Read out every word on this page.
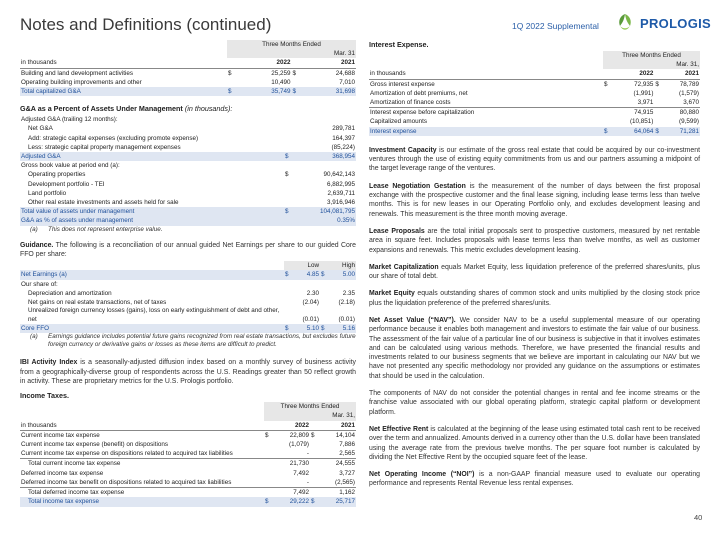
Notes and Definitions (continued)	1Q 2022 Supplemental	PROLOGIS
	Three Months Ended			
	Mar. 31			
in thousands		2022		2021
Building and land development activities	$	25,259	$	24,688
Operating building improvements and other		10,490		7,010
Total capitalized G&A	$	35,749	$	31,698
G&A as a Percent of Assets Under Management (in thousands):
Adjusted G&A (trailing 12 months):		
Net G&A		289,781
Add: strategic capital expenses (excluding promote expense)		164,397
Less: strategic capital property management expenses		(85,224)
Adjusted G&A	$	368,954
Gross book value at period end (a):		
Operating properties	$	90,642,143
Development portfolio - TEI		6,882,995
Land portfolio		2,639,711
Other real estate investments and assets held for sale		3,916,946
Total value of assets under management	$	104,081,795
G&A as % of assets under management		0.35%
(a) This does not represent enterprise value.
Guidance. The following is a reconciliation of our annual guided Net Earnings per share to our guided Core FFO per share:
		Low		High
Net Earnings (a)	$	4.85	$	5.00
Our share of:				
Depreciation and amortization		2.30		2.35
Net gains on real estate transactions, net of taxes		(2.04)		(2.18)
Unrealized foreign currency losses (gains), loss on early extinguishment of debt and other, net		(0.01)		(0.01)
Core FFO	$	5.10	$	5.16
(a)	Earnings guidance includes potential future gains recognized from real estate transactions, but excludes future foreign currency or derivative gains or losses as these items are difficult to predict.
IBI Activity Index is a seasonally-adjusted diffusion index based on a monthly survey of business activity from a geographically-diverse group of respondents across the U.S. Readings greater than 50 reflect growth in activity. These are proprietary metrics for the U.S. Prologis portfolio.
Income Taxes.
	Three Months Ended			
	Mar. 31,			
in thousands		2022		2021
Current income tax expense	$	22,809	$	14,104
Current income tax expense (benefit) on dispositions		(1,079)		7,886
Current income tax expense on dispositions related to acquired tax liabilities		-		2,565
Total current income tax expense		21,730		24,555
Deferred income tax expense		7,492		3,727
Deferred income tax benefit on dispositions related to acquired tax liabilities		-		(2,565)
Total deferred income tax expense		7,492		1,162
Total income tax expense	$	29,222	$	25,717
Interest Expense.
	Three Months Ended			
	Mar. 31,			
in thousands		2022		2021
Gross interest expense	$	72,935	$	78,789
Amortization of debt premiums, net		(1,991)		(1,579)
Amortization of finance costs		3,971		3,670
Interest expense before capitalization		74,915		80,880
Capitalized amounts		(10,851)		(9,599)
Interest expense	$	64,064	$	71,281

Investment Capacity is our estimate of the gross real estate that could be acquired by our co-investment ventures through the use of existing equity commitments from us and our partners assuming a midpoint of the target leverage range of the ventures.

Lease Negotiation Gestation is the measurement of the number of days between the first proposal exchange with the prospective customer and the final lease signing, including lease terms less than twelve months. This is for new leases in our Operating Portfolio only, and excludes development leasing and renewals. This measurement is the three month moving average.

Lease Proposals are the total initial proposals sent to prospective customers, measured by net rentable area in square feet. Includes proposals with lease terms less than twelve months, as well as customer expansions and renewals. This metric excludes development leasing.

Market Capitalization equals Market Equity, less liquidation preference of the preferred shares/units, plus our share of total debt.

Market Equity equals outstanding shares of common stock and units multiplied by the closing stock price plus the liquidation preference of the preferred shares/units.

Net Asset Value (“NAV”). We consider NAV to be a useful supplemental measure of our operating performance because it enables both management and investors to estimate the fair value of our business. The assessment of the fair value of a particular line of our business is subjective in that it involves estimates and can be calculated using various methods. Therefore, we have presented the financial results and investments related to our business segments that we believe are important in calculating our NAV but we have not presented any specific methodology nor provided any guidance on the assumptions or estimates that should be used in the calculation.

The components of NAV do not consider the potential changes in rental and fee income streams or the franchise value associated with our global operating platform, strategic capital platform or development platform.

Net Effective Rent is calculated at the beginning of the lease using estimated total cash rent to be received over the term and annualized. Amounts derived in a currency other than the U.S. dollar have been translated using the average rate from the previous twelve months. The per square foot number is calculated by dividing the Net Effective Rent by the occupied square feet of the lease.

Net Operating Income (“NOI”) is a non-GAAP financial measure used to evaluate our operating performance and represents Rental Revenue less rental expenses.

40
